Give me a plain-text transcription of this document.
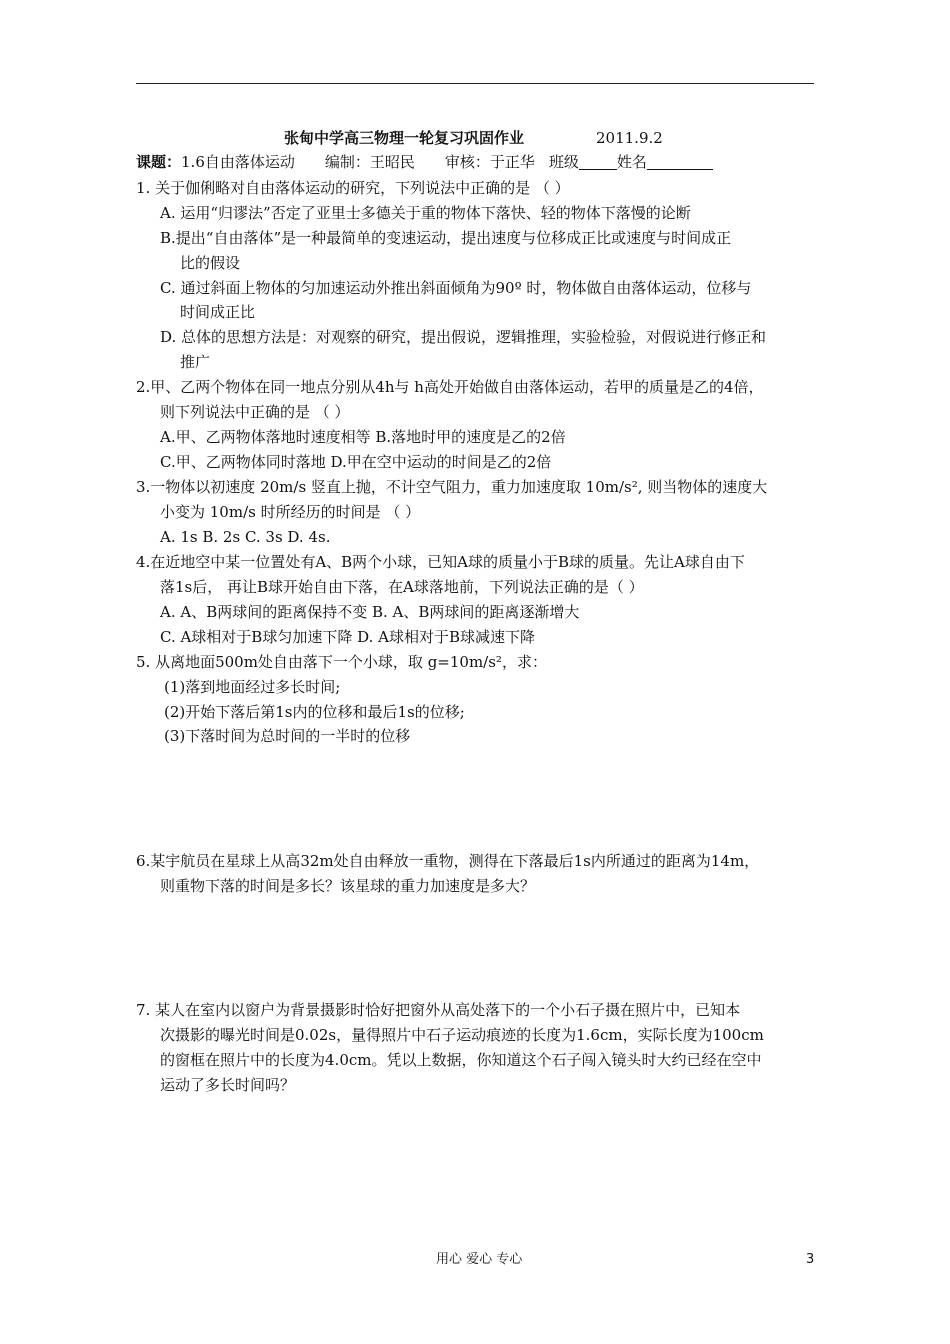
张甸中学高三物理一轮复习巩固作业	2011.9.2
课题：1.6自由落体运动 编制：王昭民 审核：于正华 班级	姓名
1. 关于伽俐略对自由落体运动的研究，下列说法中正确的是 （ ）
A. 运用“归谬法”否定了亚里士多德关于重的物体下落快、轻的物体下落慢的论断
B.提出“自由落体”是一种最简单的变速运动，提出速度与位移成正比或速度与时间成正
比的假设
C. 通过斜面上物体的匀加速运动外推出斜面倾角为90º 时，物体做自由落体运动，位移与
时间成正比
D. 总体的思想方法是：对观察的研究，提出假说，逻辑推理，实验检验，对假说进行修正和
推广
2.甲、乙两个物体在同一地点分别从4h与 h高处开始做自由落体运动，若甲的质量是乙的4倍，
则下列说法中正确的是 （ ）
A.甲、乙两物体落地时速度相等 B.落地时甲的速度是乙的2倍
C.甲、乙两物体同时落地 D.甲在空中运动的时间是乙的2倍
3.一物体以初速度 20m/s 竖直上抛，不计空气阻力，重力加速度取 10m/s², 则当物体的速度大
小变为 10m/s 时所经历的时间是 （ ）
A. 1s B. 2s C. 3s D. 4s.
4.在近地空中某一位置处有A、B两个小球，已知A球的质量小于B球的质量。先让A球自由下
落1s后， 再让B球开始自由下落，在A球落地前，下列说法正确的是（ ）
A. A、B两球间的距离保持不变 B. A、B两球间的距离逐渐增大
C. A球相对于B球匀加速下降 D. A球相对于B球减速下降
5. 从离地面500m处自由落下一个小球，取 g=10m/s²，求：
(1)落到地面经过多长时间;
(2)开始下落后第1s内的位移和最后1s的位移;
(3)下落时间为总时间的一半时的位移
6.某宇航员在星球上从高32m处自由释放一重物，测得在下落最后1s内所通过的距离为14m，
则重物下落的时间是多长？该星球的重力加速度是多大？
7. 某人在室内以窗户为背景摄影时恰好把窗外从高处落下的一个小石子摄在照片中，已知本
次摄影的曝光时间是0.02s，量得照片中石子运动痕迹的长度为1.6cm，实际长度为100cm
的窗框在照片中的长度为4.0cm。凭以上数据，你知道这个石子闯入镜头时大约已经在空中
运动了多长时间吗？
用心 爱心 专心	3
